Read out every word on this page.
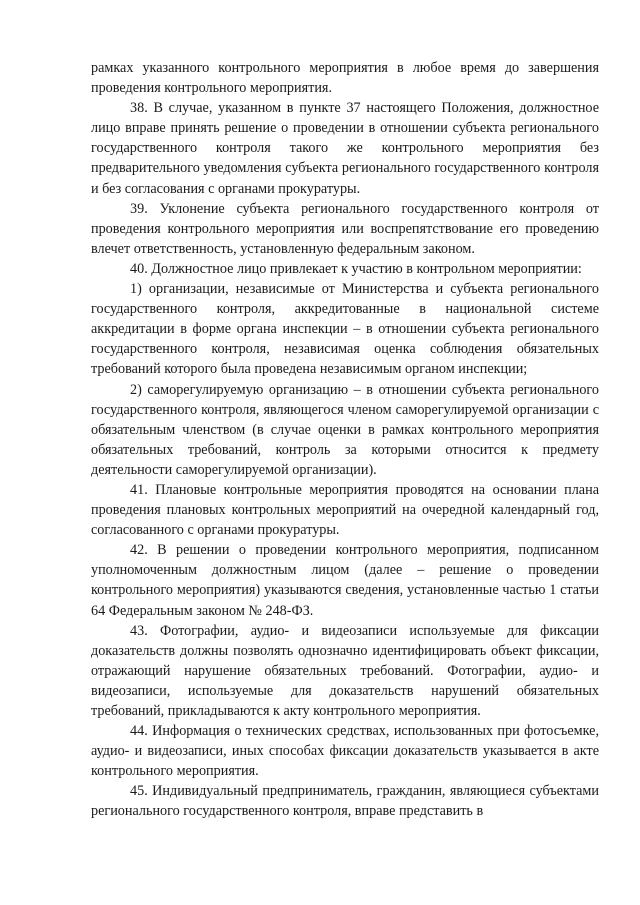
рамках указанного контрольного мероприятия в любое время до завершения проведения контрольного мероприятия.

38. В случае, указанном в пункте 37 настоящего Положения, должностное лицо вправе принять решение о проведении в отношении субъекта регионального государственного контроля такого же контрольного мероприятия без предварительного уведомления субъекта регионального государственного контроля и без согласования с органами прокуратуры.

39. Уклонение субъекта регионального государственного контроля от проведения контрольного мероприятия или воспрепятствование его проведению влечет ответственность, установленную федеральным законом.

40. Должностное лицо привлекает к участию в контрольном мероприятии:

1) организации, независимые от Министерства и субъекта регионального государственного контроля, аккредитованные в национальной системе аккредитации в форме органа инспекции – в отношении субъекта регионального государственного контроля, независимая оценка соблюдения обязательных требований которого была проведена независимым органом инспекции;

2) саморегулируемую организацию – в отношении субъекта регионального государственного контроля, являющегося членом саморегулируемой организации с обязательным членством (в случае оценки в рамках контрольного мероприятия обязательных требований, контроль за которыми относится к предмету деятельности саморегулируемой организации).

41. Плановые контрольные мероприятия проводятся на основании плана проведения плановых контрольных мероприятий на очередной календарный год, согласованного с органами прокуратуры.

42. В решении о проведении контрольного мероприятия, подписанном уполномоченным должностным лицом (далее – решение о проведении контрольного мероприятия) указываются сведения, установленные частью 1 статьи 64 Федеральным законом № 248-ФЗ.

43. Фотографии, аудио- и видеозаписи используемые для фиксации доказательств должны позволять однозначно идентифицировать объект фиксации, отражающий нарушение обязательных требований. Фотографии, аудио- и видеозаписи, используемые для доказательств нарушений обязательных требований, прикладываются к акту контрольного мероприятия.

44. Информация о технических средствах, использованных при фотосъемке, аудио- и видеозаписи, иных способах фиксации доказательств указывается в акте контрольного мероприятия.

45. Индивидуальный предприниматель, гражданин, являющиеся субъектами регионального государственного контроля, вправе представить в
